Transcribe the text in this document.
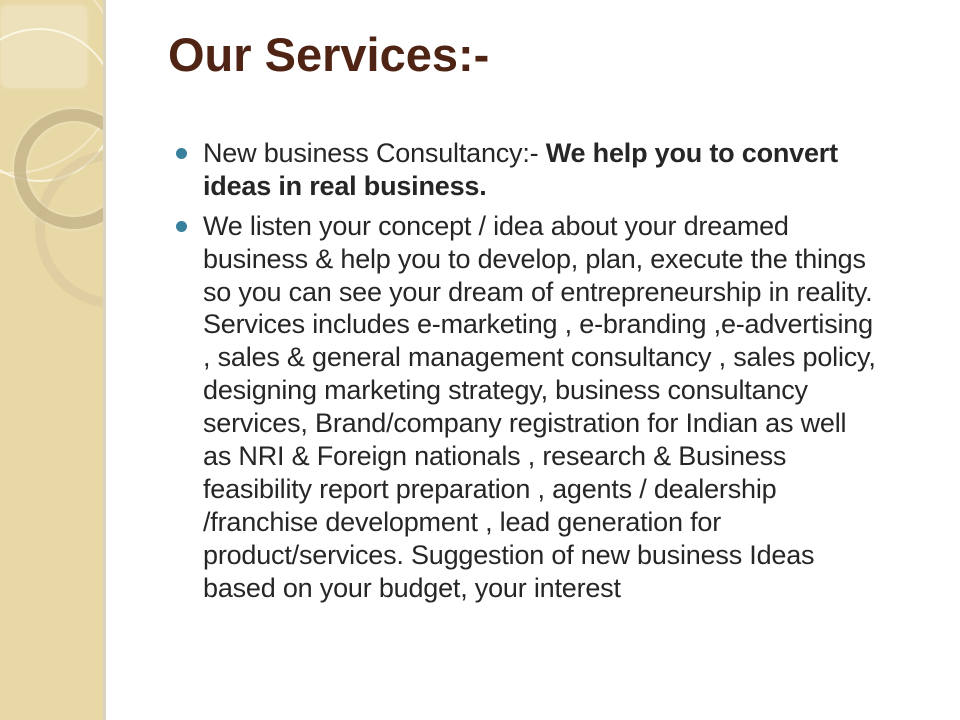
Our Services:-
New business Consultancy:- We help you to convert ideas in real business.
We listen your concept / idea about your dreamed business & help you to develop, plan, execute the things so you can see your dream of entrepreneurship in reality. Services includes e-marketing , e-branding ,e-advertising , sales & general management consultancy , sales policy, designing marketing strategy, business consultancy services, Brand/company registration for Indian as well as NRI & Foreign nationals , research & Business feasibility report preparation , agents / dealership /franchise development , lead generation for product/services. Suggestion of new business Ideas based on your budget, your interest
